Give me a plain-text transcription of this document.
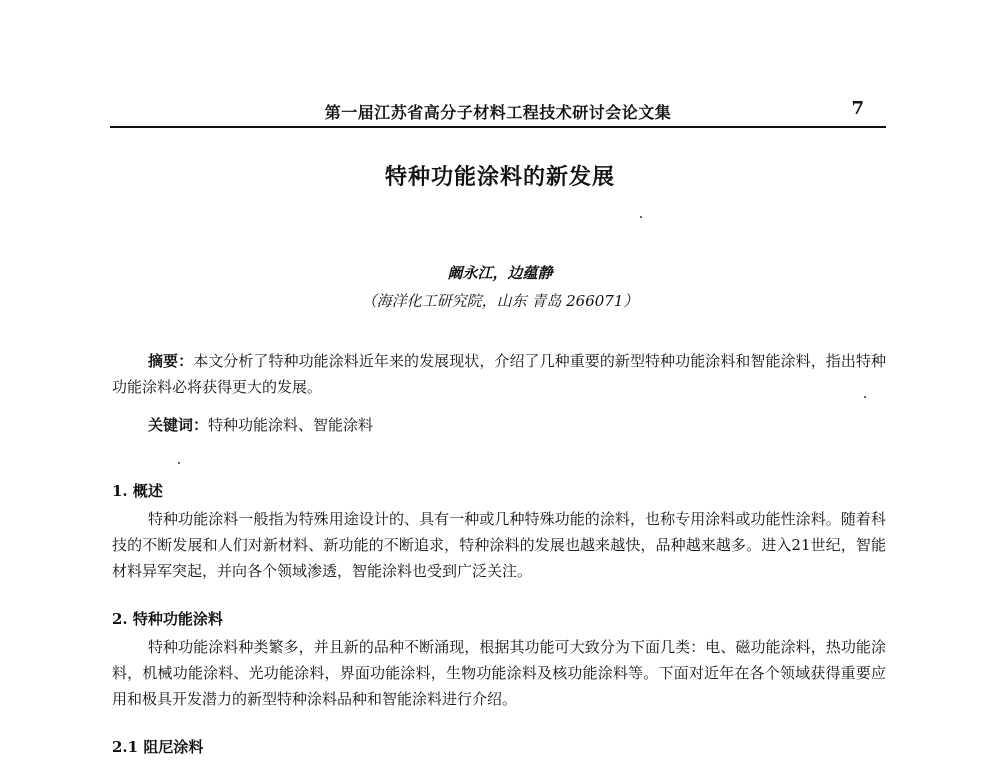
第一届江苏省高分子材料工程技术研讨会论文集	7
特种功能涂料的新发展
阚永江，边蕴静
（海洋化工研究院，山东 青岛 266071）
摘要：本文分析了特种功能涂料近年来的发展现状，介绍了几种重要的新型特种功能涂料和智能涂料，指出特种功能涂料必将获得更大的发展。
关键词：特种功能涂料、智能涂料
1. 概述
特种功能涂料一般指为特殊用途设计的、具有一种或几种特殊功能的涂料，也称专用涂料或功能性涂料。随着科技的不断发展和人们对新材料、新功能的不断追求，特种涂料的发展也越来越快，品种越来越多。进入21世纪，智能材料异军突起，并向各个领域渗透，智能涂料也受到广泛关注。
2. 特种功能涂料
特种功能涂料种类繁多，并且新的品种不断涌现，根据其功能可大致分为下面几类：电、磁功能涂料，热功能涂料，机械功能涂料、光功能涂料，界面功能涂料，生物功能涂料及核功能涂料等。下面对近年在各个领域获得重要应用和极具开发潜力的新型特种涂料品种和智能涂料进行介绍。
2.1 阻尼涂料
